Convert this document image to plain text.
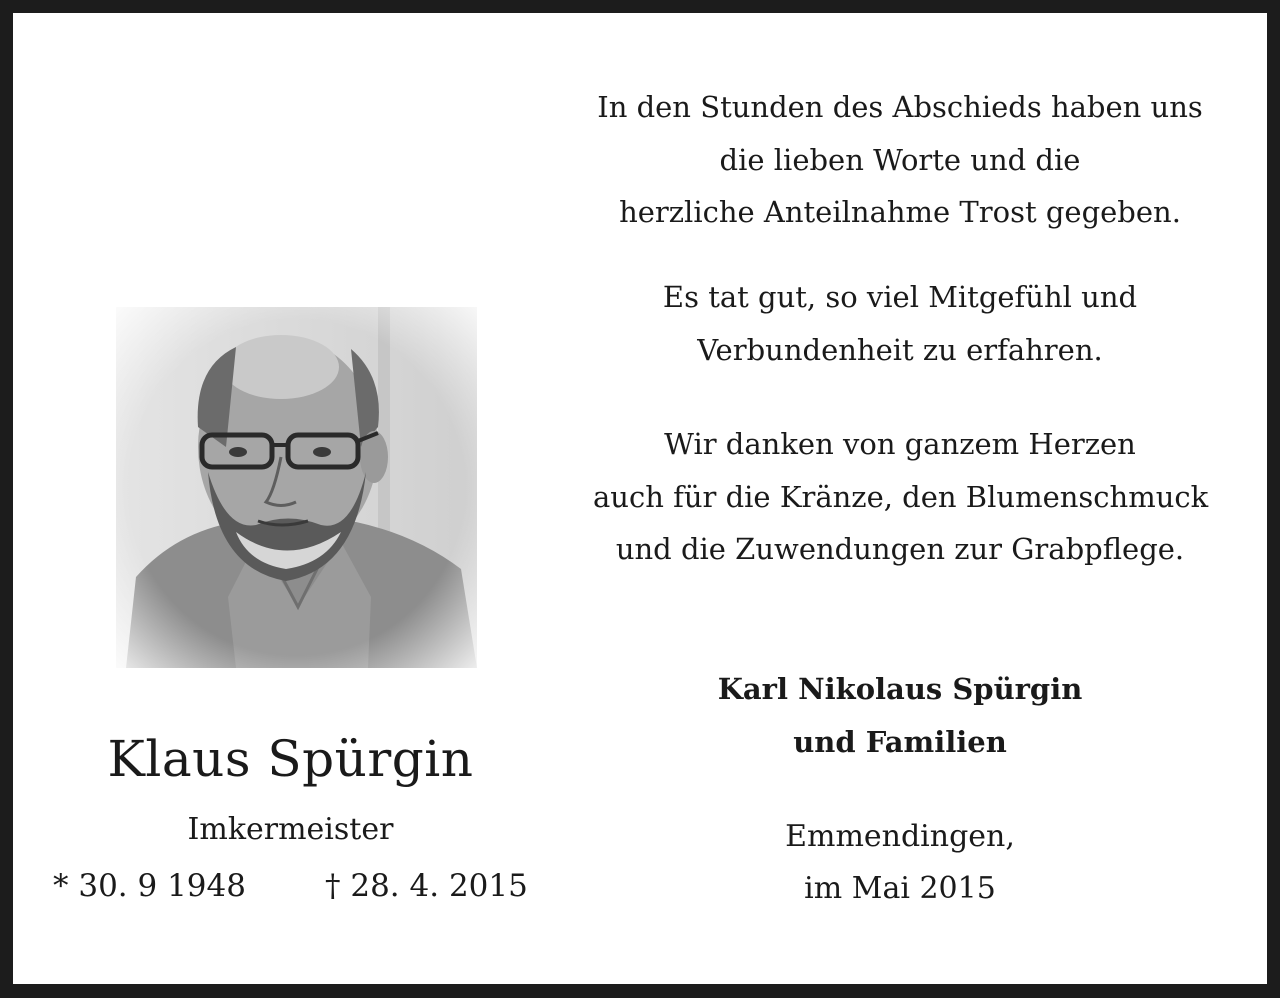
Klaus Spürgin
Imkermeister
* 30. 9 1948	† 28. 4. 2015
In den Stunden des Abschieds haben uns
die lieben Worte und die
herzliche Anteilnahme Trost gegeben.
Es tat gut, so viel Mitgefühl und
Verbundenheit zu erfahren.
Wir danken von ganzem Herzen
auch für die Kränze, den Blumenschmuck
und die Zuwendungen zur Grabpflege.
Karl Nikolaus Spürgin
und Familien
Emmendingen,
im Mai 2015
